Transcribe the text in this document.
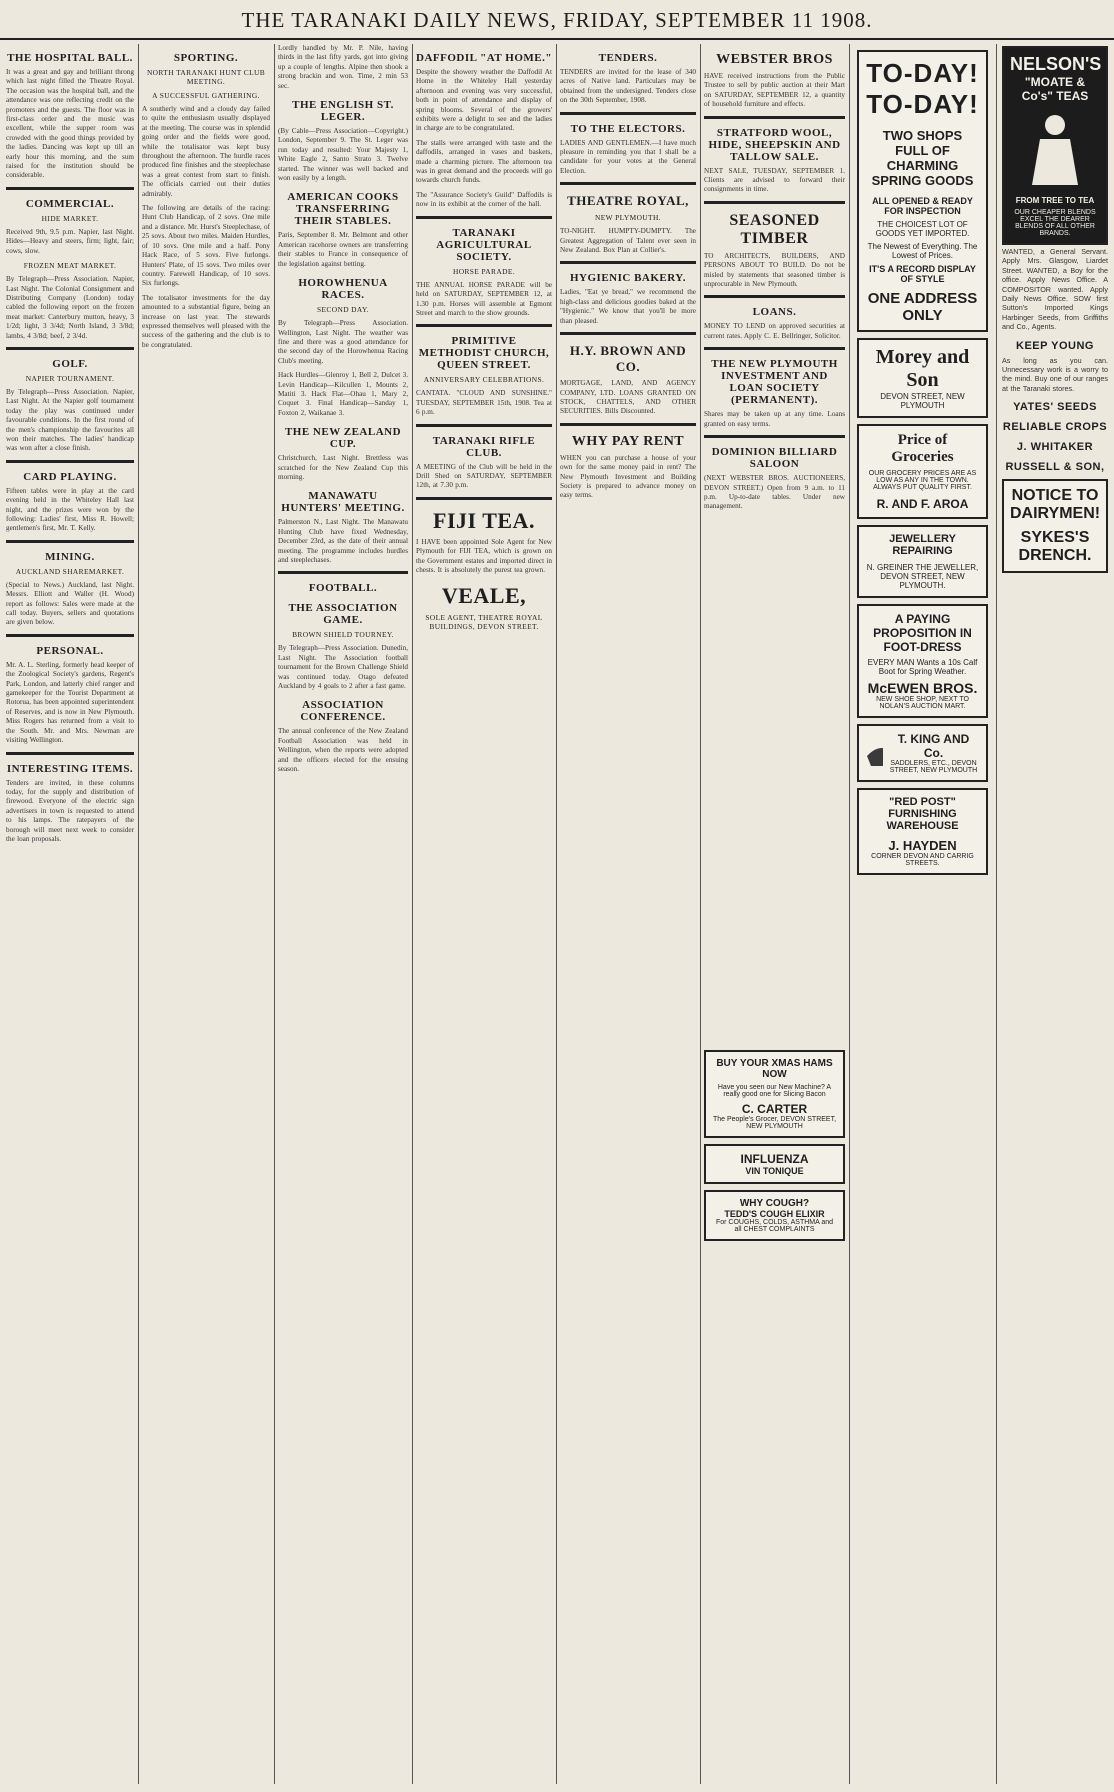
THE TARANAKI DAILY NEWS, FRIDAY, SEPTEMBER 11 1908.
THE HOSPITAL BALL.

It was a great and gay and brilliant throng which last night filled the Theatre Royal. The occasion was the hospital ball, and the attendance was one reflecting credit on the promoters and the guests. The floor was in first-class order and the music was excellent, while the supper room was crowded with the good things provided by the ladies. Dancing was kept up till an early hour this morning, and the sum raised for the institution should be considerable.

COMMERCIAL.
HIDE MARKET.

Received 9th, 9.5 p.m. Napier, last Night. Hides—Heavy and steers, firm; light, fair; cows, slow.

FROZEN MEAT MARKET.

By Telegraph—Press Association. Napier, Last Night. The Colonial Consignment and Distributing Company (London) today cabled the following report on the frozen meat market: Canterbury mutton, heavy, 3 1/2d; light, 3 3/4d; North Island, 3 3/8d; lambs, 4 3/8d; beef, 2 3/4d.

GOLF.
NAPIER TOURNAMENT.

By Telegraph—Press Association. Napier, Last Night. At the Napier golf tournament today the play was continued under favourable conditions. In the first round of the men's championship the favourites all won their matches. The ladies' handicap was won after a close finish.

CARD PLAYING.

Fifteen tables were in play at the card evening held in the Whiteley Hall last night, and the prizes were won by the following: Ladies' first, Miss R. Howell; gentlemen's first, Mr. T. Kelly.

MINING.
AUCKLAND SHAREMARKET.

(Special to News.) Auckland, last Night. Messrs. Elliott and Waller (H. Wood) report as follows: Sales were made at the call today. Buyers, sellers and quotations are given below.

PERSONAL.

Mr. A. L. Sterling, formerly head keeper of the Zoological Society's gardens, Regent's Park, London, and latterly chief ranger and gamekeeper for the Tourist Department at Rotorua, has been appointed superintendent of Reserves, and is now in New Plymouth. Miss Rogers has returned from a visit to the South. Mr. and Mrs. Newman are visiting Wellington.

INTERESTING ITEMS.

Tenders are invited, in these columns today, for the supply and distribution of firewood. Everyone of the electric sign advertisers in town is requested to attend to his lamps. The ratepayers of the borough will meet next week to consider the loan proposals.

SPORTING.
NORTH TARANAKI HUNT CLUB MEETING.
A SUCCESSFUL GATHERING.

A southerly wind and a cloudy day failed to quite the enthusiasm usually displayed at the meeting. The course was in splendid going order and the fields were good, while the totalisator was kept busy throughout the afternoon. The hurdle races produced fine finishes and the steeplechase was a great contest from start to finish. The officials carried out their duties admirably.

The following are details of the racing: Hunt Club Handicap, of 2 sovs. One mile and a distance. Mr. Hurst's Steeplechase, of 25 sovs. About two miles. Maiden Hurdles, of 10 sovs. One mile and a half. Pony Hack Race, of 5 sovs. Five furlongs. Hunters' Plate, of 15 sovs. Two miles over country. Farewell Handicap, of 10 sovs. Six furlongs.

The totalisator investments for the day amounted to a substantial figure, being an increase on last year. The stewards expressed themselves well pleased with the success of the gathering and the club is to be congratulated.

Lordly handled by Mr. P. Nile, having thirds in the last fifty yards, got into giving up a couple of lengths. Alpine then shook a strong brackin and won. Time, 2 min 53 sec.

THE ENGLISH ST. LEGER.

(By Cable—Press Association—Copyright.) London, September 9. The St. Leger was run today and resulted: Your Majesty 1, White Eagle 2, Santo Strato 3. Twelve started. The winner was well backed and won easily by a length.

AMERICAN COOKS TRANSFERRING THEIR STABLES.

Paris, September 8. Mr. Belmont and other American racehorse owners are transferring their stables to France in consequence of the legislation against betting.

HOROWHENUA RACES.
SECOND DAY.

By Telegraph—Press Association. Wellington, Last Night. The weather was fine and there was a good attendance for the second day of the Horowhenua Racing Club's meeting.

Hack Hurdles—Glenroy 1, Bell 2, Dulcet 3. Levin Handicap—Kilcullen 1, Mounts 2, Matiti 3. Hack Flat—Ohau 1, Mary 2, Coquet 3. Final Handicap—Sanday 1, Foxton 2, Waikanae 3.

THE NEW ZEALAND CUP.

Christchurch, Last Night. Brettless was scratched for the New Zealand Cup this morning.

MANAWATU HUNTERS' MEETING.

Palmerston N., Last Night. The Manawatu Hunting Club have fixed Wednesday, December 23rd, as the date of their annual meeting. The programme includes hurdles and steeplechases.

FOOTBALL.
THE ASSOCIATION GAME.
BROWN SHIELD TOURNEY.

By Telegraph—Press Association. Dunedin, Last Night. The Association football tournament for the Brown Challenge Shield was continued today. Otago defeated Auckland by 4 goals to 2 after a fast game.

ASSOCIATION CONFERENCE.

The annual conference of the New Zealand Football Association was held in Wellington, when the reports were adopted and the officers elected for the ensuing season.

DAFFODIL "AT HOME."

Despite the showery weather the Daffodil At Home in the Whiteley Hall yesterday afternoon and evening was very successful, both in point of attendance and display of spring blooms. Several of the growers' exhibits were a delight to see and the ladies in charge are to be congratulated.

The stalls were arranged with taste and the daffodils, arranged in vases and baskets, made a charming picture. The afternoon tea was in great demand and the proceeds will go towards church funds.

The "Assurance Society's Guild" Daffodils is now in its exhibit at the corner of the hall.

TARANAKI AGRICULTURAL SOCIETY.
HORSE PARADE.

THE ANNUAL HORSE PARADE will be held on SATURDAY, SEPTEMBER 12, at 1.30 p.m. Horses will assemble at Egmont Street and march to the show grounds.

PRIMITIVE METHODIST CHURCH, QUEEN STREET.
ANNIVERSARY CELEBRATIONS.

CANTATA. "CLOUD AND SUNSHINE." TUESDAY, SEPTEMBER 15th, 1908. Tea at 6 p.m.

TARANAKI RIFLE CLUB.

A MEETING of the Club will be held in the Drill Shed on SATURDAY, SEPTEMBER 12th, at 7.30 p.m.

FIJI TEA.

I HAVE been appointed Sole Agent for New Plymouth for FIJI TEA, which is grown on the Government estates and imported direct in chests. It is absolutely the purest tea grown.

VEALE,
SOLE AGENT, THEATRE ROYAL BUILDINGS, DEVON STREET.
TENDERS.

TENDERS are invited for the lease of 340 acres of Native land. Particulars may be obtained from the undersigned. Tenders close on the 30th September, 1908.

TO THE ELECTORS.

LADIES AND GENTLEMEN.—I have much pleasure in reminding you that I shall be a candidate for your votes at the General Election.

THEATRE ROYAL,
NEW PLYMOUTH.

TO-NIGHT. HUMPTY-DUMPTY. The Greatest Aggregation of Talent ever seen in New Zealand. Box Plan at Collier's.

HYGIENIC BAKERY.

Ladies, "Eat ye bread," we recommend the high-class and delicious goodies baked at the "Hygienic." We know that you'll be more than pleased.

H.Y. BROWN AND CO.

MORTGAGE, LAND, AND AGENCY COMPANY, LTD. LOANS GRANTED ON STOCK, CHATTELS, AND OTHER SECURITIES. Bills Discounted.

WHY PAY RENT

WHEN you can purchase a house of your own for the same money paid in rent? The New Plymouth Investment and Building Society is prepared to advance money on easy terms.

WEBSTER BROS

HAVE received instructions from the Public Trustee to sell by public auction at their Mart on SATURDAY, SEPTEMBER 12, a quantity of household furniture and effects.

STRATFORD WOOL, HIDE, SHEEPSKIN AND TALLOW SALE.

NEXT SALE, TUESDAY, SEPTEMBER 1. Clients are advised to forward their consignments in time.

SEASONED TIMBER

TO ARCHITECTS, BUILDERS, AND PERSONS ABOUT TO BUILD. Do not be misled by statements that seasoned timber is unprocurable in New Plymouth.

LOANS.

MONEY TO LEND on approved securities at current rates. Apply C. E. Bellringer, Solicitor.

THE NEW PLYMOUTH INVESTMENT AND LOAN SOCIETY (PERMANENT).

Shares may be taken up at any time. Loans granted on easy terms.

DOMINION BILLIARD SALOON

(NEXT WEBSTER BROS. AUCTIONEERS, DEVON STREET.) Open from 9 a.m. to 11 p.m. Up-to-date tables. Under new management.

TO-DAY!
TO-DAY!
TWO SHOPS FULL OF CHARMING SPRING GOODS
ALL OPENED & READY FOR INSPECTION
THE CHOICEST LOT OF GOODS YET IMPORTED.
The Newest of Everything. The Lowest of Prices.
IT'S A RECORD DISPLAY OF STYLE
ONE ADDRESS ONLY
Morey and Son
DEVON STREET, NEW PLYMOUTH
Price of Groceries
OUR GROCERY PRICES ARE AS LOW AS ANY IN THE TOWN. ALWAYS PUT QUALITY FIRST.
R. AND F. AROA
JEWELLERY REPAIRING
N. GREINER THE JEWELLER, DEVON STREET, NEW PLYMOUTH.
A PAYING PROPOSITION IN FOOT-DRESS
EVERY MAN Wants a 10s Calf Boot for Spring Weather.
McEWEN BROS.
NEW SHOE SHOP, NEXT TO NOLAN'S AUCTION MART.
T. KING AND Co.
SADDLERS, ETC., DEVON STREET, NEW PLYMOUTH
"RED POST" FURNISHING WAREHOUSE
J. HAYDEN
CORNER DEVON AND CARRIG STREETS.
NELSON'S
"MOATE & Co's" TEAS
FROM TREE TO TEA
OUR CHEAPER BLENDS EXCEL THE DEARER BLENDS OF ALL OTHER BRANDS.

WANTED, a General Servant. Apply Mrs. Glasgow, Liardet Street. WANTED, a Boy for the office. Apply News Office. A COMPOSITOR wanted. Apply Daily News Office. SOW first Sutton's Imported Kings Harbinger Seeds, from Griffiths and Co., Agents.

KEEP YOUNG

As long as you can. Unnecessary work is a worry to the mind. Buy one of our ranges at the Taranaki stores.

YATES' SEEDS
RELIABLE CROPS
J. WHITAKER
RUSSELL & SON,
NOTICE TO DAIRYMEN!
SYKES'S DRENCH.
BUY YOUR XMAS HAMS NOW
Have you seen our New Machine? A really good one for Slicing Bacon
C. CARTER
The People's Grocer, DEVON STREET, NEW PLYMOUTH
INFLUENZA
VIN TONIQUE
WHY COUGH?
TEDD'S COUGH ELIXIR
For COUGHS, COLDS, ASTHMA and all CHEST COMPLAINTS
